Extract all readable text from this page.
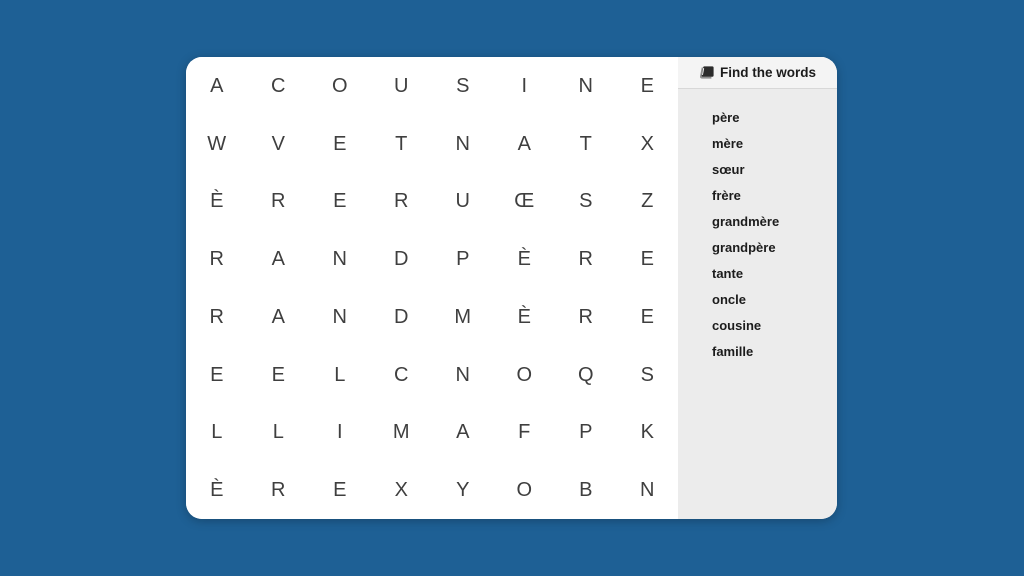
A	C	O	U	S	I	N	E
W	V	E	T	N	A	T	X
È	R	E	R	U	Œ	S	Z
R	A	N	D	P	È	R	E
R	A	N	D	M	È	R	E
E	E	L	C	N	O	Q	S
L	L	I	M	A	F	P	K
È	R	E	X	Y	O	B	N
Find the words
père
mère
sœur
frère
grandmère
grandpère
tante
oncle
cousine
famille
